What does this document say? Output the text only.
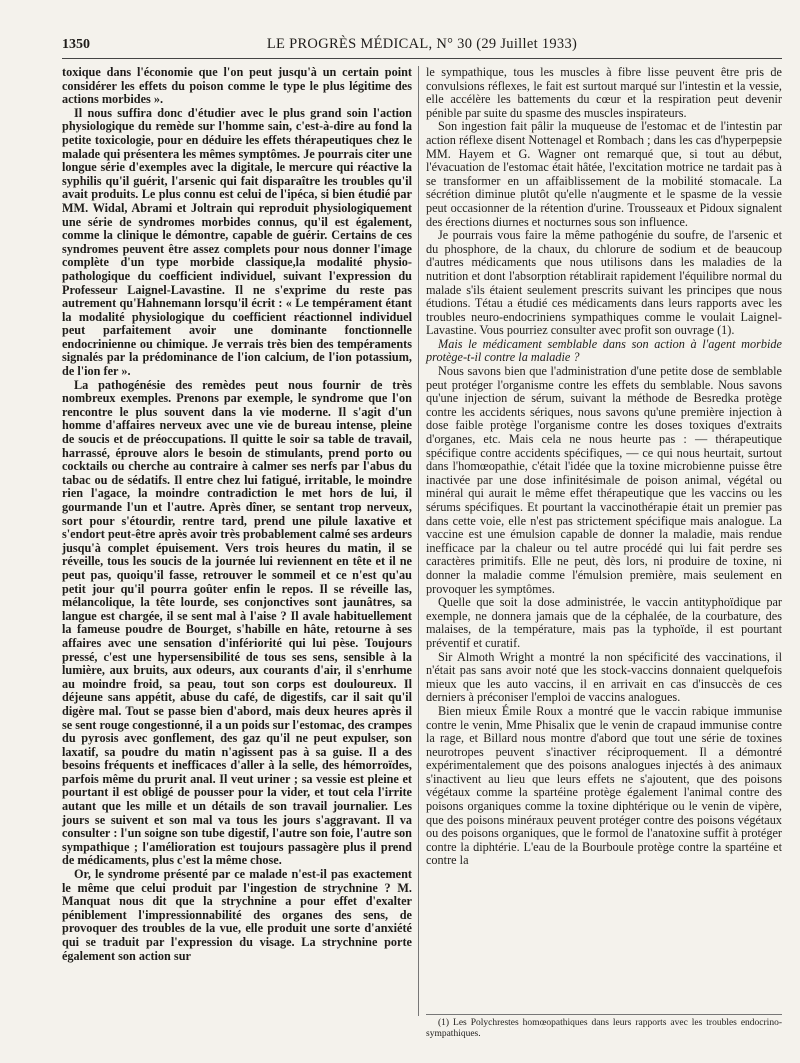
1350	LE PROGRÈS MÉDICAL, N° 30 (29 Juillet 1933)

toxique dans l'économie que l'on peut jusqu'à un certain point considérer les effets du poison comme le type le plus légitime des actions morbides ».

Il nous suffira donc d'étudier avec le plus grand soin l'action physiologique du remède sur l'homme sain, c'est-à-dire au fond la petite toxicologie, pour en déduire les effets thérapeutiques chez le malade qui présentera les mêmes symptômes. Je pourrais citer une longue série d'exemples avec la digitale, le mercure qui réactive la syphilis qu'il guérit, l'arsenic qui fait disparaître les troubles qu'il avait produits. Le plus connu est celui de l'ipéca, si bien étudié par MM. Widal, Abrami et Joltrain qui reproduit physiologiquement une série de syndromes morbides connus, qu'il est également, comme la clinique le démontre, capable de guérir. Certains de ces syndromes peuvent être assez complets pour nous donner l'image complète d'un type morbide classique,la modalité physio-pathologique du coefficient individuel, suivant l'expression du Professeur Laignel-Lavastine. Il ne s'exprime du reste pas autrement qu'Hahnemann lorsqu'il écrit : « Le tempérament étant la modalité physiologique du coefficient réactionnel individuel peut parfaitement avoir une dominante fonctionnelle endocrinienne ou chimique. Je verrais très bien des tempéraments signalés par la prédominance de l'ion calcium, de l'ion potassium, de l'ion fer ».

La pathogénésie des remèdes peut nous fournir de très nombreux exemples. Prenons par exemple, le syndrome que l'on rencontre le plus souvent dans la vie moderne. Il s'agit d'un homme d'affaires nerveux avec une vie de bureau intense, pleine de soucis et de préoccupations. Il quitte le soir sa table de travail, harrassé, éprouve alors le besoin de stimulants, prend porto ou cocktails ou cherche au contraire à calmer ses nerfs par l'abus du tabac ou de sédatifs. Il entre chez lui fatigué, irritable, le moindre rien l'agace, la moindre contradiction le met hors de lui, il gourmande l'un et l'autre. Après dîner, se sentant trop nerveux, sort pour s'étourdir, rentre tard, prend une pilule laxative et s'endort peut-être après avoir très probablement calmé ses ardeurs jusqu'à complet épuisement. Vers trois heures du matin, il se réveille, tous les soucis de la journée lui reviennent en tête et il ne peut pas, quoiqu'il fasse, retrouver le sommeil et ce n'est qu'au petit jour qu'il pourra goûter enfin le repos. Il se réveille las, mélancolique, la tête lourde, ses conjonctives sont jaunâtres, sa langue est chargée, il se sent mal à l'aise ? Il avale habituellement la fameuse poudre de Bourget, s'habille en hâte, retourne à ses affaires avec une sensation d'infériorité qui lui pèse. Toujours pressé, c'est une hypersensibilité de tous ses sens, sensible à la lumière, aux bruits, aux odeurs, aux courants d'air, il s'enrhume au moindre froid, sa peau, tout son corps est douloureux. Il déjeune sans appétit, abuse du café, de digestifs, car il sait qu'il digère mal. Tout se passe bien d'abord, mais deux heures après il se sent rouge congestionné, il a un poids sur l'estomac, des crampes du pyrosis avec gonflement, des gaz qu'il ne peut expulser, son laxatif, sa poudre du matin n'agissent pas à sa guise. Il a des besoins fréquents et inefficaces d'aller à la selle, des hémorroïdes, parfois même du prurit anal. Il veut uriner ; sa vessie est pleine et pourtant il est obligé de pousser pour la vider, et tout cela l'irrite autant que les mille et un détails de son travail journalier. Les jours se suivent et son mal va tous les jours s'aggravant. Il va consulter : l'un soigne son tube digestif, l'autre son foie, l'autre son sympathique ; l'amélioration est toujours passagère plus il prend de médicaments, plus c'est la même chose.

Or, le syndrome présenté par ce malade n'est-il pas exactement le même que celui produit par l'ingestion de strychnine ? M. Manquat nous dit que la strychnine a pour effet d'exalter péniblement l'impressionnabilité des organes des sens, de provoquer des troubles de la vue, elle produit une sorte d'anxiété qui se traduit par l'expression du visage. La strychnine porte également son action sur

le sympathique, tous les muscles à fibre lisse peuvent être pris de convulsions réflexes, le fait est surtout marqué sur l'intestin et la vessie, elle accélère les battements du cœur et la respiration peut devenir pénible par suite du spasme des muscles inspirateurs.

Son ingestion fait pâlir la muqueuse de l'estomac et de l'intestin par action réflexe disent Nottenagel et Rombach ; dans les cas d'hyperpepsie MM. Hayem et G. Wagner ont remarqué que, si tout au début, l'évacuation de l'estomac était hâtée, l'excitation motrice ne tardait pas à se transformer en un affaiblissement de la mobilité stomacale. La sécrétion diminue plutôt qu'elle n'augmente et le spasme de la vessie peut occasionner de la rétention d'urine. Trousseaux et Pidoux signalent des érections diurnes et nocturnes sous son influence.

Je pourrais vous faire la même pathogénie du soufre, de l'arsenic et du phosphore, de la chaux, du chlorure de sodium et de beaucoup d'autres médicaments que nous utilisons dans les maladies de la nutrition et dont l'absorption rétablirait rapidement l'équilibre normal du malade s'ils étaient seulement prescrits suivant les principes que nous étudions. Tétau a étudié ces médicaments dans leurs rapports avec les troubles neuro-endocriniens sympathiques comme le voulait Laignel-Lavastine. Vous pourriez consulter avec profit son ouvrage (1).

Mais le médicament semblable dans son action à l'agent morbide protège-t-il contre la maladie ?

Nous savons bien que l'administration d'une petite dose de semblable peut protéger l'organisme contre les effets du semblable. Nous savons qu'une injection de sérum, suivant la méthode de Besredka protège contre les accidents sériques, nous savons qu'une première injection à dose faible protège l'organisme contre les doses toxiques d'extraits d'organes, etc. Mais cela ne nous heurte pas : — thérapeutique spécifique contre accidents spécifiques, — ce qui nous heurtait, surtout dans l'homœopathie, c'était l'idée que la toxine microbienne puisse être inactivée par une dose infinitésimale de poison animal, végétal ou minéral qui aurait le même effet thérapeutique que les vaccins ou les sérums spécifiques. Et pourtant la vaccinothérapie était un premier pas dans cette voie, elle n'est pas strictement spécifique mais analogue. La vaccine est une émulsion capable de donner la maladie, mais rendue inefficace par la chaleur ou tel autre procédé qui lui fait perdre ses caractères primitifs. Elle ne peut, dès lors, ni produire de toxine, ni donner la maladie comme l'émulsion première, mais seulement en provoquer les symptômes.

Quelle que soit la dose administrée, le vaccin antityphoïdique par exemple, ne donnera jamais que de la céphalée, de la courbature, des malaises, de la température, mais pas la typhoïde, il est pourtant préventif et curatif.

Sir Almoth Wright a montré la non spécificité des vaccinations, il n'était pas sans avoir noté que les stock-vaccins donnaient quelquefois mieux que les auto vaccins, il en arrivait en cas d'insuccès de ces derniers à préconiser l'emploi de vaccins analogues.

Bien mieux Émile Roux a montré que le vaccin rabique immunise contre le venin, Mme Phisalix que le venin de crapaud immunise contre la rage, et Billard nous montre d'abord que tout une série de toxines neurotropes peuvent s'inactiver réciproquement. Il a démontré expérimentalement que des poisons analogues injectés à des animaux s'inactivent au lieu que leurs effets ne s'ajoutent, que des poisons végétaux comme la spartéine protège également l'animal contre des poisons organiques comme la toxine diphtérique ou le venin de vipère, que des poisons minéraux peuvent protéger contre des poisons végétaux ou des poisons organiques, que le formol de l'anatoxine suffit à protéger contre la diphtérie. L'eau de la Bourboule protège contre la spartéine et contre la

(1) Les Polychrestes homœopathiques dans leurs rapports avec les troubles endocrino-sympathiques.
